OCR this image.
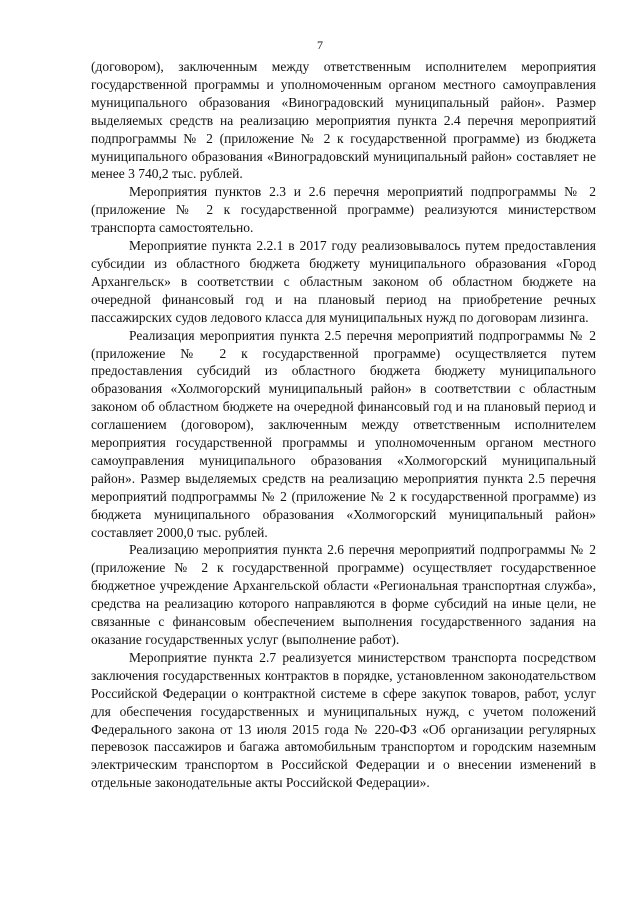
7

(договором), заключенным между ответственным исполнителем мероприятия государственной программы и уполномоченным органом местного самоуправления муниципального образования «Виноградовский муниципальный район». Размер выделяемых средств на реализацию мероприятия пункта 2.4 перечня мероприятий подпрограммы № 2 (приложение № 2 к государственной программе) из бюджета муниципального образования «Виноградовский муниципальный район» составляет не менее 3 740,2 тыс. рублей.

Мероприятия пунктов 2.3 и 2.6 перечня мероприятий подпрограммы № 2 (приложение № 2 к государственной программе) реализуются министерством транспорта самостоятельно.

Мероприятие пункта 2.2.1 в 2017 году реализовывалось путем предоставления субсидии из областного бюджета бюджету муниципального образования «Город Архангельск» в соответствии с областным законом об областном бюджете на очередной финансовый год и на плановый период на приобретение речных пассажирских судов ледового класса для муниципальных нужд по договорам лизинга.

Реализация мероприятия пункта 2.5 перечня мероприятий подпрограммы № 2 (приложение № 2 к государственной программе) осуществляется путем предоставления субсидий из областного бюджета бюджету муниципального образования «Холмогорский муниципальный район» в соответствии с областным законом об областном бюджете на очередной финансовый год и на плановый период и соглашением (договором), заключенным между ответственным исполнителем мероприятия государственной программы и уполномоченным органом местного самоуправления муниципального образования «Холмогорский муниципальный район». Размер выделяемых средств на реализацию мероприятия пункта 2.5 перечня мероприятий подпрограммы № 2 (приложение № 2 к государственной программе) из бюджета муниципального образования «Холмогорский муниципальный район» составляет 2000,0 тыс. рублей.

Реализацию мероприятия пункта 2.6 перечня мероприятий подпрограммы № 2 (приложение № 2 к государственной программе) осуществляет государственное бюджетное учреждение Архангельской области «Региональная транспортная служба», средства на реализацию которого направляются в форме субсидий на иные цели, не связанные с финансовым обеспечением выполнения государственного задания на оказание государственных услуг (выполнение работ).

Мероприятие пункта 2.7 реализуется министерством транспорта посредством заключения государственных контрактов в порядке, установленном законодательством Российской Федерации о контрактной системе в сфере закупок товаров, работ, услуг для обеспечения государственных и муниципальных нужд, с учетом положений Федерального закона от 13 июля 2015 года № 220-ФЗ «Об организации регулярных перевозок пассажиров и багажа автомобильным транспортом и городским наземным электрическим транспортом в Российской Федерации и о внесении изменений в отдельные законодательные акты Российской Федерации».
